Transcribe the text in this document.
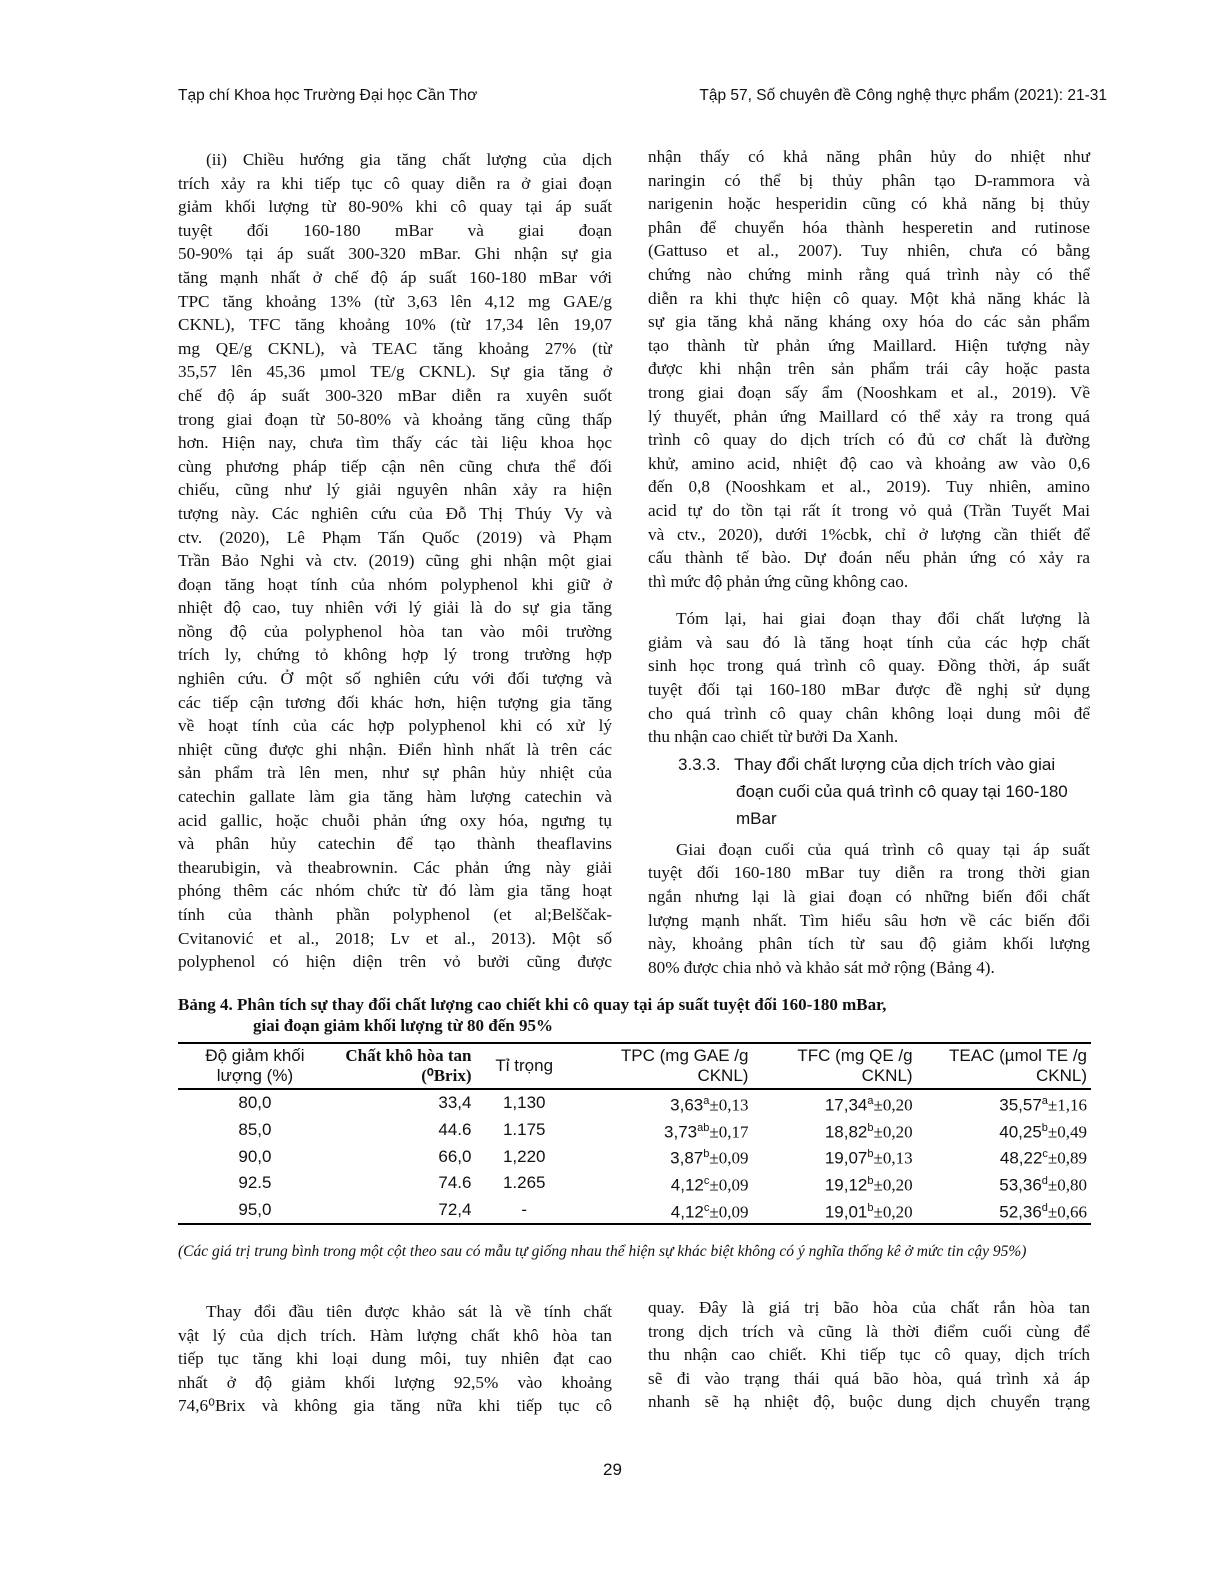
Tạp chí Khoa học Trường Đại học Cần Thơ	Tập 57, Số chuyên đề Công nghệ thực phẩm (2021): 21-31
(ii) Chiều hướng gia tăng chất lượng của dịch
trích xảy ra khi tiếp tục cô quay diễn ra ở giai đoạn
giảm khối lượng từ 80-90% khi cô quay tại áp suất
tuyệt đối 160-180 mBar và giai đoạn
50-90% tại áp suất 300-320 mBar. Ghi nhận sự gia
tăng mạnh nhất ở chế độ áp suất 160-180 mBar với
TPC tăng khoảng 13% (từ 3,63 lên 4,12 mg GAE/g
CKNL), TFC tăng khoảng 10% (từ 17,34 lên 19,07
mg QE/g CKNL), và TEAC tăng khoảng 27% (từ
35,57 lên 45,36 µmol TE/g CKNL). Sự gia tăng ở
chế độ áp suất 300-320 mBar diễn ra xuyên suốt
trong giai đoạn từ 50-80% và khoảng tăng cũng thấp
hơn. Hiện nay, chưa tìm thấy các tài liệu khoa học
cùng phương pháp tiếp cận nên cũng chưa thể đối
chiếu, cũng như lý giải nguyên nhân xảy ra hiện
tượng này. Các nghiên cứu của Đỗ Thị Thúy Vy và
ctv. (2020), Lê Phạm Tấn Quốc (2019) và Phạm
Trần Bảo Nghi và ctv. (2019) cũng ghi nhận một giai
đoạn tăng hoạt tính của nhóm polyphenol khi giữ ở
nhiệt độ cao, tuy nhiên với lý giải là do sự gia tăng
nồng độ của polyphenol hòa tan vào môi trường
trích ly, chứng tỏ không hợp lý trong trường hợp
nghiên cứu. Ở một số nghiên cứu với đối tượng và
các tiếp cận tương đối khác hơn, hiện tượng gia tăng
về hoạt tính của các hợp polyphenol khi có xử lý
nhiệt cũng được ghi nhận. Điển hình nhất là trên các
sản phẩm trà lên men, như sự phân hủy nhiệt của
catechin gallate làm gia tăng hàm lượng catechin và
acid gallic, hoặc chuỗi phản ứng oxy hóa, ngưng tụ
và phân hủy catechin để tạo thành theaflavins
thearubigin, và theabrownin. Các phản ứng này giải
phóng thêm các nhóm chức từ đó làm gia tăng hoạt
tính của thành phần polyphenol (et al;Belščak-
Cvitanović et al., 2018; Lv et al., 2013). Một số
polyphenol có hiện diện trên vỏ bưởi cũng được
nhận thấy có khả năng phân hủy do nhiệt như
naringin có thể bị thủy phân tạo D-rammora và
narigenin hoặc hesperidin cũng có khả năng bị thủy
phân để chuyển hóa thành hesperetin and rutinose
(Gattuso et al., 2007). Tuy nhiên, chưa có bằng
chứng nào chứng minh rằng quá trình này có thể
diễn ra khi thực hiện cô quay. Một khả năng khác là
sự gia tăng khả năng kháng oxy hóa do các sản phẩm
tạo thành từ phản ứng Maillard. Hiện tượng này
được khi nhận trên sản phẩm trái cây hoặc pasta
trong giai đoạn sấy ẩm (Nooshkam et al., 2019). Về
lý thuyết, phản ứng Maillard có thể xảy ra trong quá
trình cô quay do dịch trích có đủ cơ chất là đường
khử, amino acid, nhiệt độ cao và khoảng aw vào 0,6
đến 0,8 (Nooshkam et al., 2019). Tuy nhiên, amino
acid tự do tồn tại rất ít trong vỏ quả (Trần Tuyết Mai
và ctv., 2020), dưới 1%cbk, chỉ ở lượng cần thiết để
cấu thành tế bào. Dự đoán nếu phản ứng có xảy ra
thì mức độ phản ứng cũng không cao.
Tóm lại, hai giai đoạn thay đổi chất lượng là
giảm và sau đó là tăng hoạt tính của các hợp chất
sinh học trong quá trình cô quay. Đồng thời, áp suất
tuyệt đối tại 160-180 mBar được đề nghị sử dụng
cho quá trình cô quay chân không loại dung môi để
thu nhận cao chiết từ bưởi Da Xanh.
3.3.3. Thay đổi chất lượng của dịch trích vào giai đoạn cuối của quá trình cô quay tại 160-180 mBar
Giai đoạn cuối của quá trình cô quay tại áp suất
tuyệt đối 160-180 mBar tuy diễn ra trong thời gian
ngắn nhưng lại là giai đoạn có những biến đổi chất
lượng mạnh nhất. Tìm hiểu sâu hơn về các biến đổi
này, khoảng phân tích từ sau độ giảm khối lượng
80% được chia nhỏ và khảo sát mở rộng (Bảng 4).
Bảng 4. Phân tích sự thay đổi chất lượng cao chiết khi cô quay tại áp suất tuyệt đối 160-180 mBar,
giai đoạn giảm khối lượng từ 80 đến 95%
Độ giảm khối lượng (%)	Chất khô hòa tan (⁰Brix)	Tỉ trọng	TPC (mg GAE /g CKNL)	TFC (mg QE /g CKNL)	TEAC (µmol TE /g CKNL)
80,0	33,4	1,130	3,63$^a$±0,13	17,34$^a$±0,20	35,57$^a$±1,16
85,0	44.6	1.175	3,73$^{ab}$±0,17	18,82$^b$±0,20	40,25$^b$±0,49
90,0	66,0	1,220	3,87$^b$±0,09	19,07$^b$±0,13	48,22$^c$±0,89
92.5	74.6	1.265	4,12$^c$±0,09	19,12$^b$±0,20	53,36$^d$±0,80
95,0	72,4	-	4,12$^c$±0,09	19,01$^b$±0,20	52,36$^d$±0,66
(Các giá trị trung bình trong một cột theo sau có mẫu tự giống nhau thể hiện sự khác biệt không có ý nghĩa thống kê ở mức tin cậy 95%)
Thay đổi đầu tiên được khảo sát là về tính chất
vật lý của dịch trích. Hàm lượng chất khô hòa tan
tiếp tục tăng khi loại dung môi, tuy nhiên đạt cao
nhất ở độ giảm khối lượng 92,5% vào khoảng
74,6⁰Brix và không gia tăng nữa khi tiếp tục cô
quay. Đây là giá trị bão hòa của chất rắn hòa tan
trong dịch trích và cũng là thời điểm cuối cùng để
thu nhận cao chiết. Khi tiếp tục cô quay, dịch trích
sẽ đi vào trạng thái quá bão hòa, quá trình xả áp
nhanh sẽ hạ nhiệt độ, buộc dung dịch chuyển trạng
29
